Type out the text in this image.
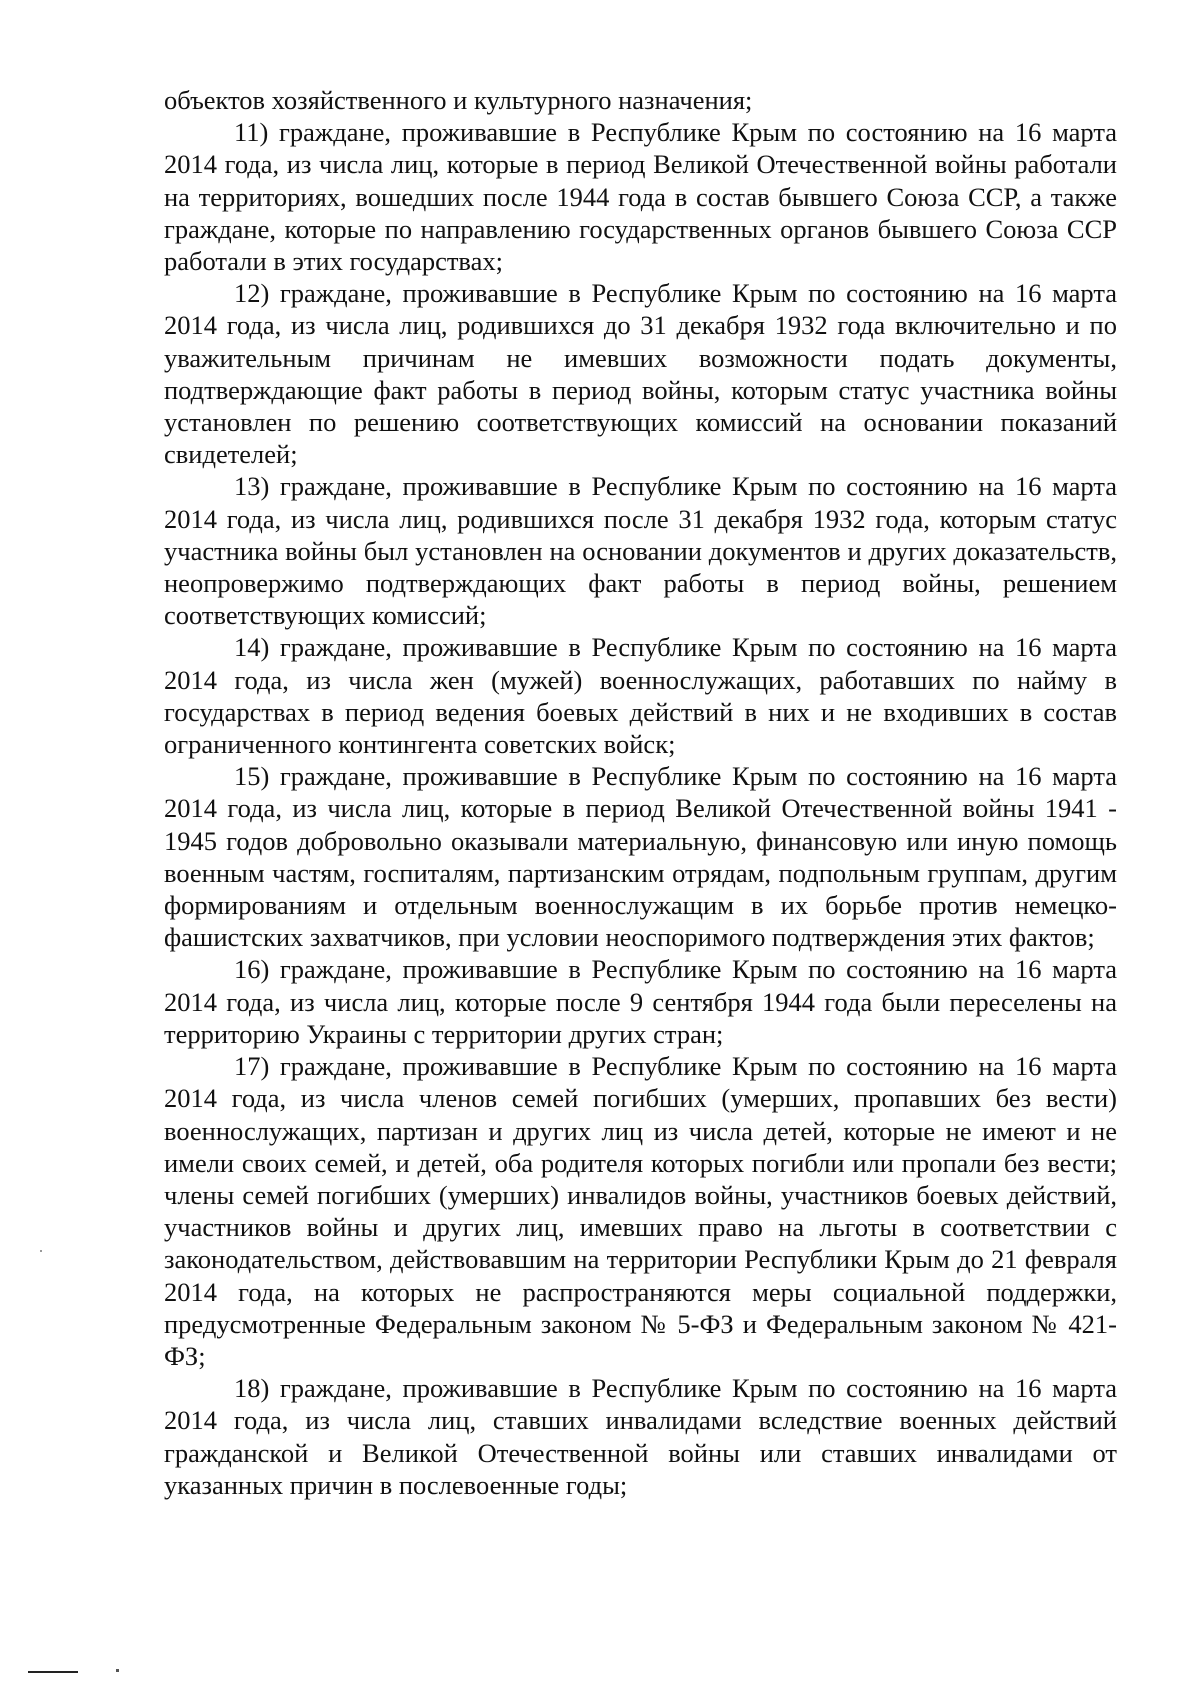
объектов хозяйственного и культурного назначения;

11) граждане, проживавшие в Республике Крым по состоянию на 16 марта 2014 года, из числа лиц, которые в период Великой Отечественной войны работали на территориях, вошедших после 1944 года в состав бывшего Союза ССР, а также граждане, которые по направлению государственных органов бывшего Союза ССР работали в этих государствах;

12) граждане, проживавшие в Республике Крым по состоянию на 16 марта 2014 года, из числа лиц, родившихся до 31 декабря 1932 года включительно и по уважительным причинам не имевших возможности подать документы, подтверждающие факт работы в период войны, которым статус участника войны установлен по решению соответствующих комиссий на основании показаний свидетелей;

13) граждане, проживавшие в Республике Крым по состоянию на 16 марта 2014 года, из числа лиц, родившихся после 31 декабря 1932 года, которым статус участника войны был установлен на основании документов и других доказательств, неопровержимо подтверждающих факт работы в период войны, решением соответствующих комиссий;

14) граждане, проживавшие в Республике Крым по состоянию на 16 марта 2014 года, из числа жен (мужей) военнослужащих, работавших по найму в государствах в период ведения боевых действий в них и не входивших в состав ограниченного контингента советских войск;

15) граждане, проживавшие в Республике Крым по состоянию на 16 марта 2014 года, из числа лиц, которые в период Великой Отечественной войны 1941 - 1945 годов добровольно оказывали материальную, финансовую или иную помощь военным частям, госпиталям, партизанским отрядам, подпольным группам, другим формированиям и отдельным военнослужащим в их борьбе против немецко-фашистских захватчиков, при условии неоспоримого подтверждения этих фактов;

16) граждане, проживавшие в Республике Крым по состоянию на 16 марта 2014 года, из числа лиц, которые после 9 сентября 1944 года были переселены на территорию Украины с территории других стран;

17) граждане, проживавшие в Республике Крым по состоянию на 16 марта 2014 года, из числа членов семей погибших (умерших, пропавших без вести) военнослужащих, партизан и других лиц из числа детей, которые не имеют и не имели своих семей, и детей, оба родителя которых погибли или пропали без вести; члены семей погибших (умерших) инвалидов войны, участников боевых действий, участников войны и других лиц, имевших право на льготы в соответствии с законодательством, действовавшим на территории Республики Крым до 21 февраля 2014 года, на которых не распространяются меры социальной поддержки, предусмотренные Федеральным законом № 5-ФЗ и Федеральным законом № 421-ФЗ;

18) граждане, проживавшие в Республике Крым по состоянию на 16 марта 2014 года, из числа лиц, ставших инвалидами вследствие военных действий гражданской и Великой Отечественной войны или ставших инвалидами от указанных причин в послевоенные годы;
